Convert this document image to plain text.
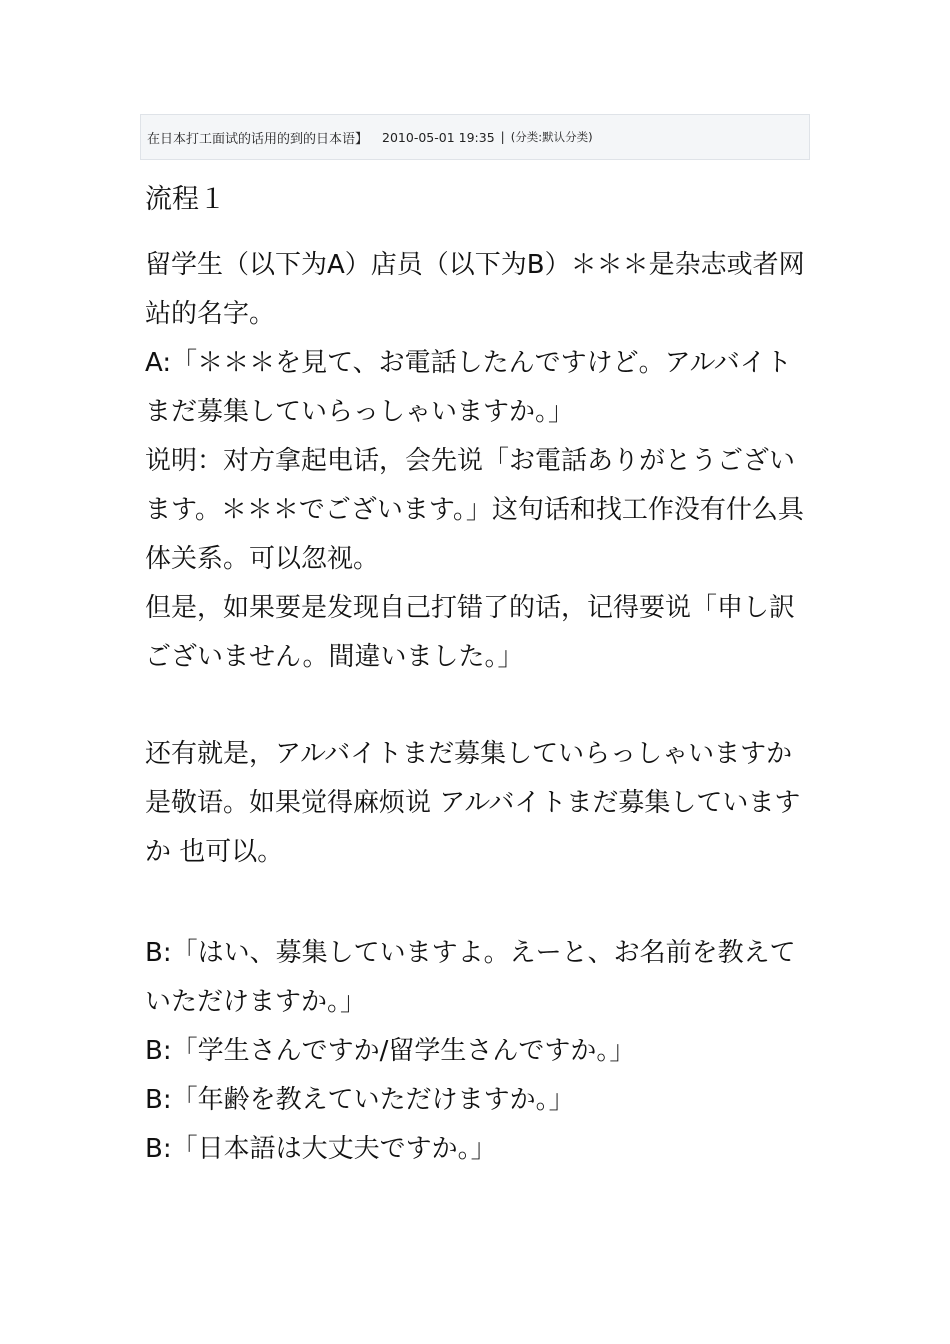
在日本打工面试的话用的到的日本语】 2010-05-01 19:35 | (分类:默认分类)

流程１

留学生（以下为A）店员（以下为B）＊＊＊是杂志或者网站的名字。

A:「＊＊＊を見て、お電話したんですけど。アルバイトまだ募集していらっしゃいますか。」

说明：对方拿起电话，会先说「お電話ありがとうございます。＊＊＊でございます。」这句话和找工作没有什么具体关系。可以忽视。

但是，如果要是发现自己打错了的话，记得要说「申し訳ございません。間違いました。」

还有就是，アルバイトまだ募集していらっしゃいますか 是敬语。如果觉得麻烦说 アルバイトまだ募集していますか 也可以。

B:「はい、募集していますよ。えーと、お名前を教えていただけますか。」

B:「学生さんですか/留学生さんですか。」

B:「年齢を教えていただけますか。」

B:「日本語は大丈夫ですか。」
